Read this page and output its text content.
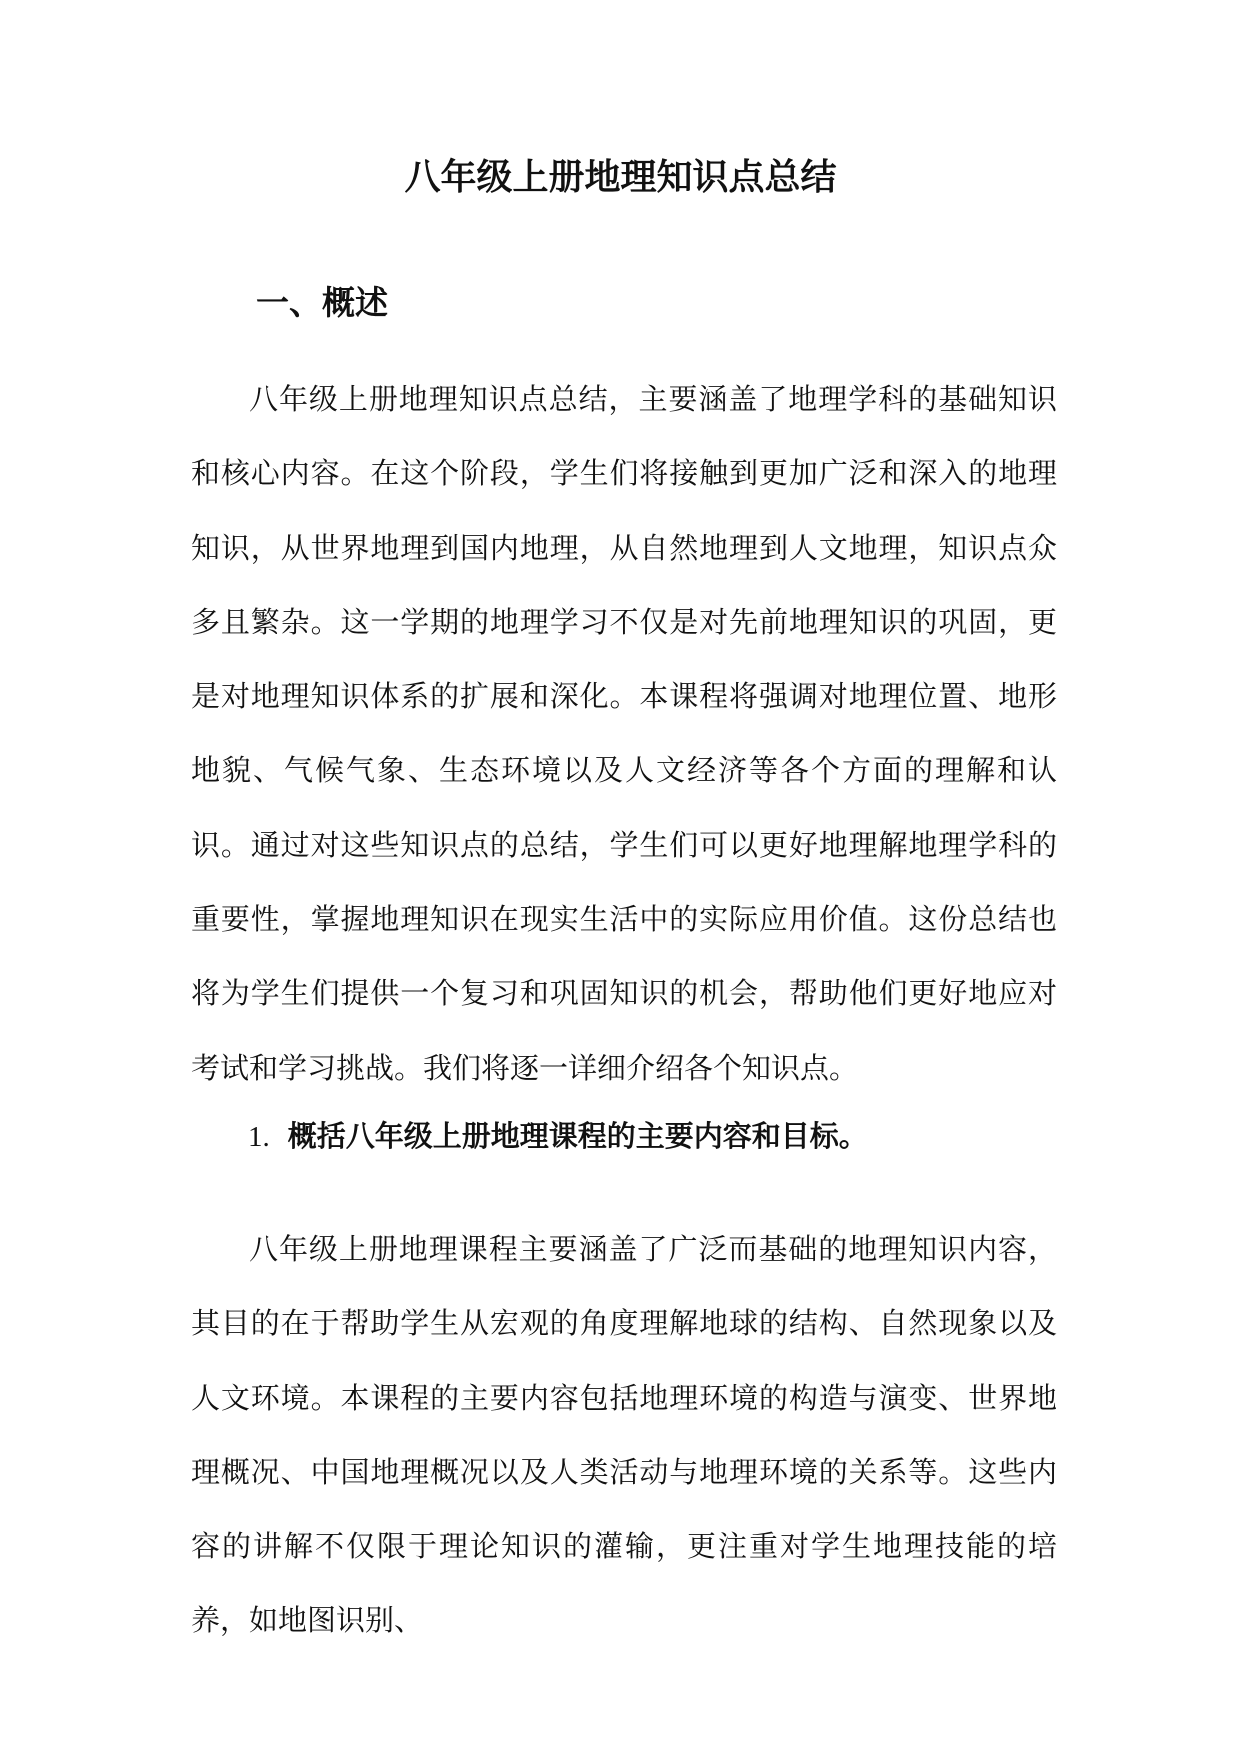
八年级上册地理知识点总结
一、概述

八年级上册地理知识点总结，主要涵盖了地理学科的基础知识和核心内容。在这个阶段，学生们将接触到更加广泛和深入的地理知识，从世界地理到国内地理，从自然地理到人文地理，知识点众多且繁杂。这一学期的地理学习不仅是对先前地理知识的巩固，更是对地理知识体系的扩展和深化。本课程将强调对地理位置、地形地貌、气候气象、生态环境以及人文经济等各个方面的理解和认识。通过对这些知识点的总结，学生们可以更好地理解地理学科的重要性，掌握地理知识在现实生活中的实际应用价值。这份总结也将为学生们提供一个复习和巩固知识的机会，帮助他们更好地应对考试和学习挑战。我们将逐一详细介绍各个知识点。

1. 概括八年级上册地理课程的主要内容和目标。

八年级上册地理课程主要涵盖了广泛而基础的地理知识内容，其目的在于帮助学生从宏观的角度理解地球的结构、自然现象以及人文环境。本课程的主要内容包括地理环境的构造与演变、世界地理概况、中国地理概况以及人类活动与地理环境的关系等。这些内容的讲解不仅限于理论知识的灌输，更注重对学生地理技能的培养，如地图识别、
